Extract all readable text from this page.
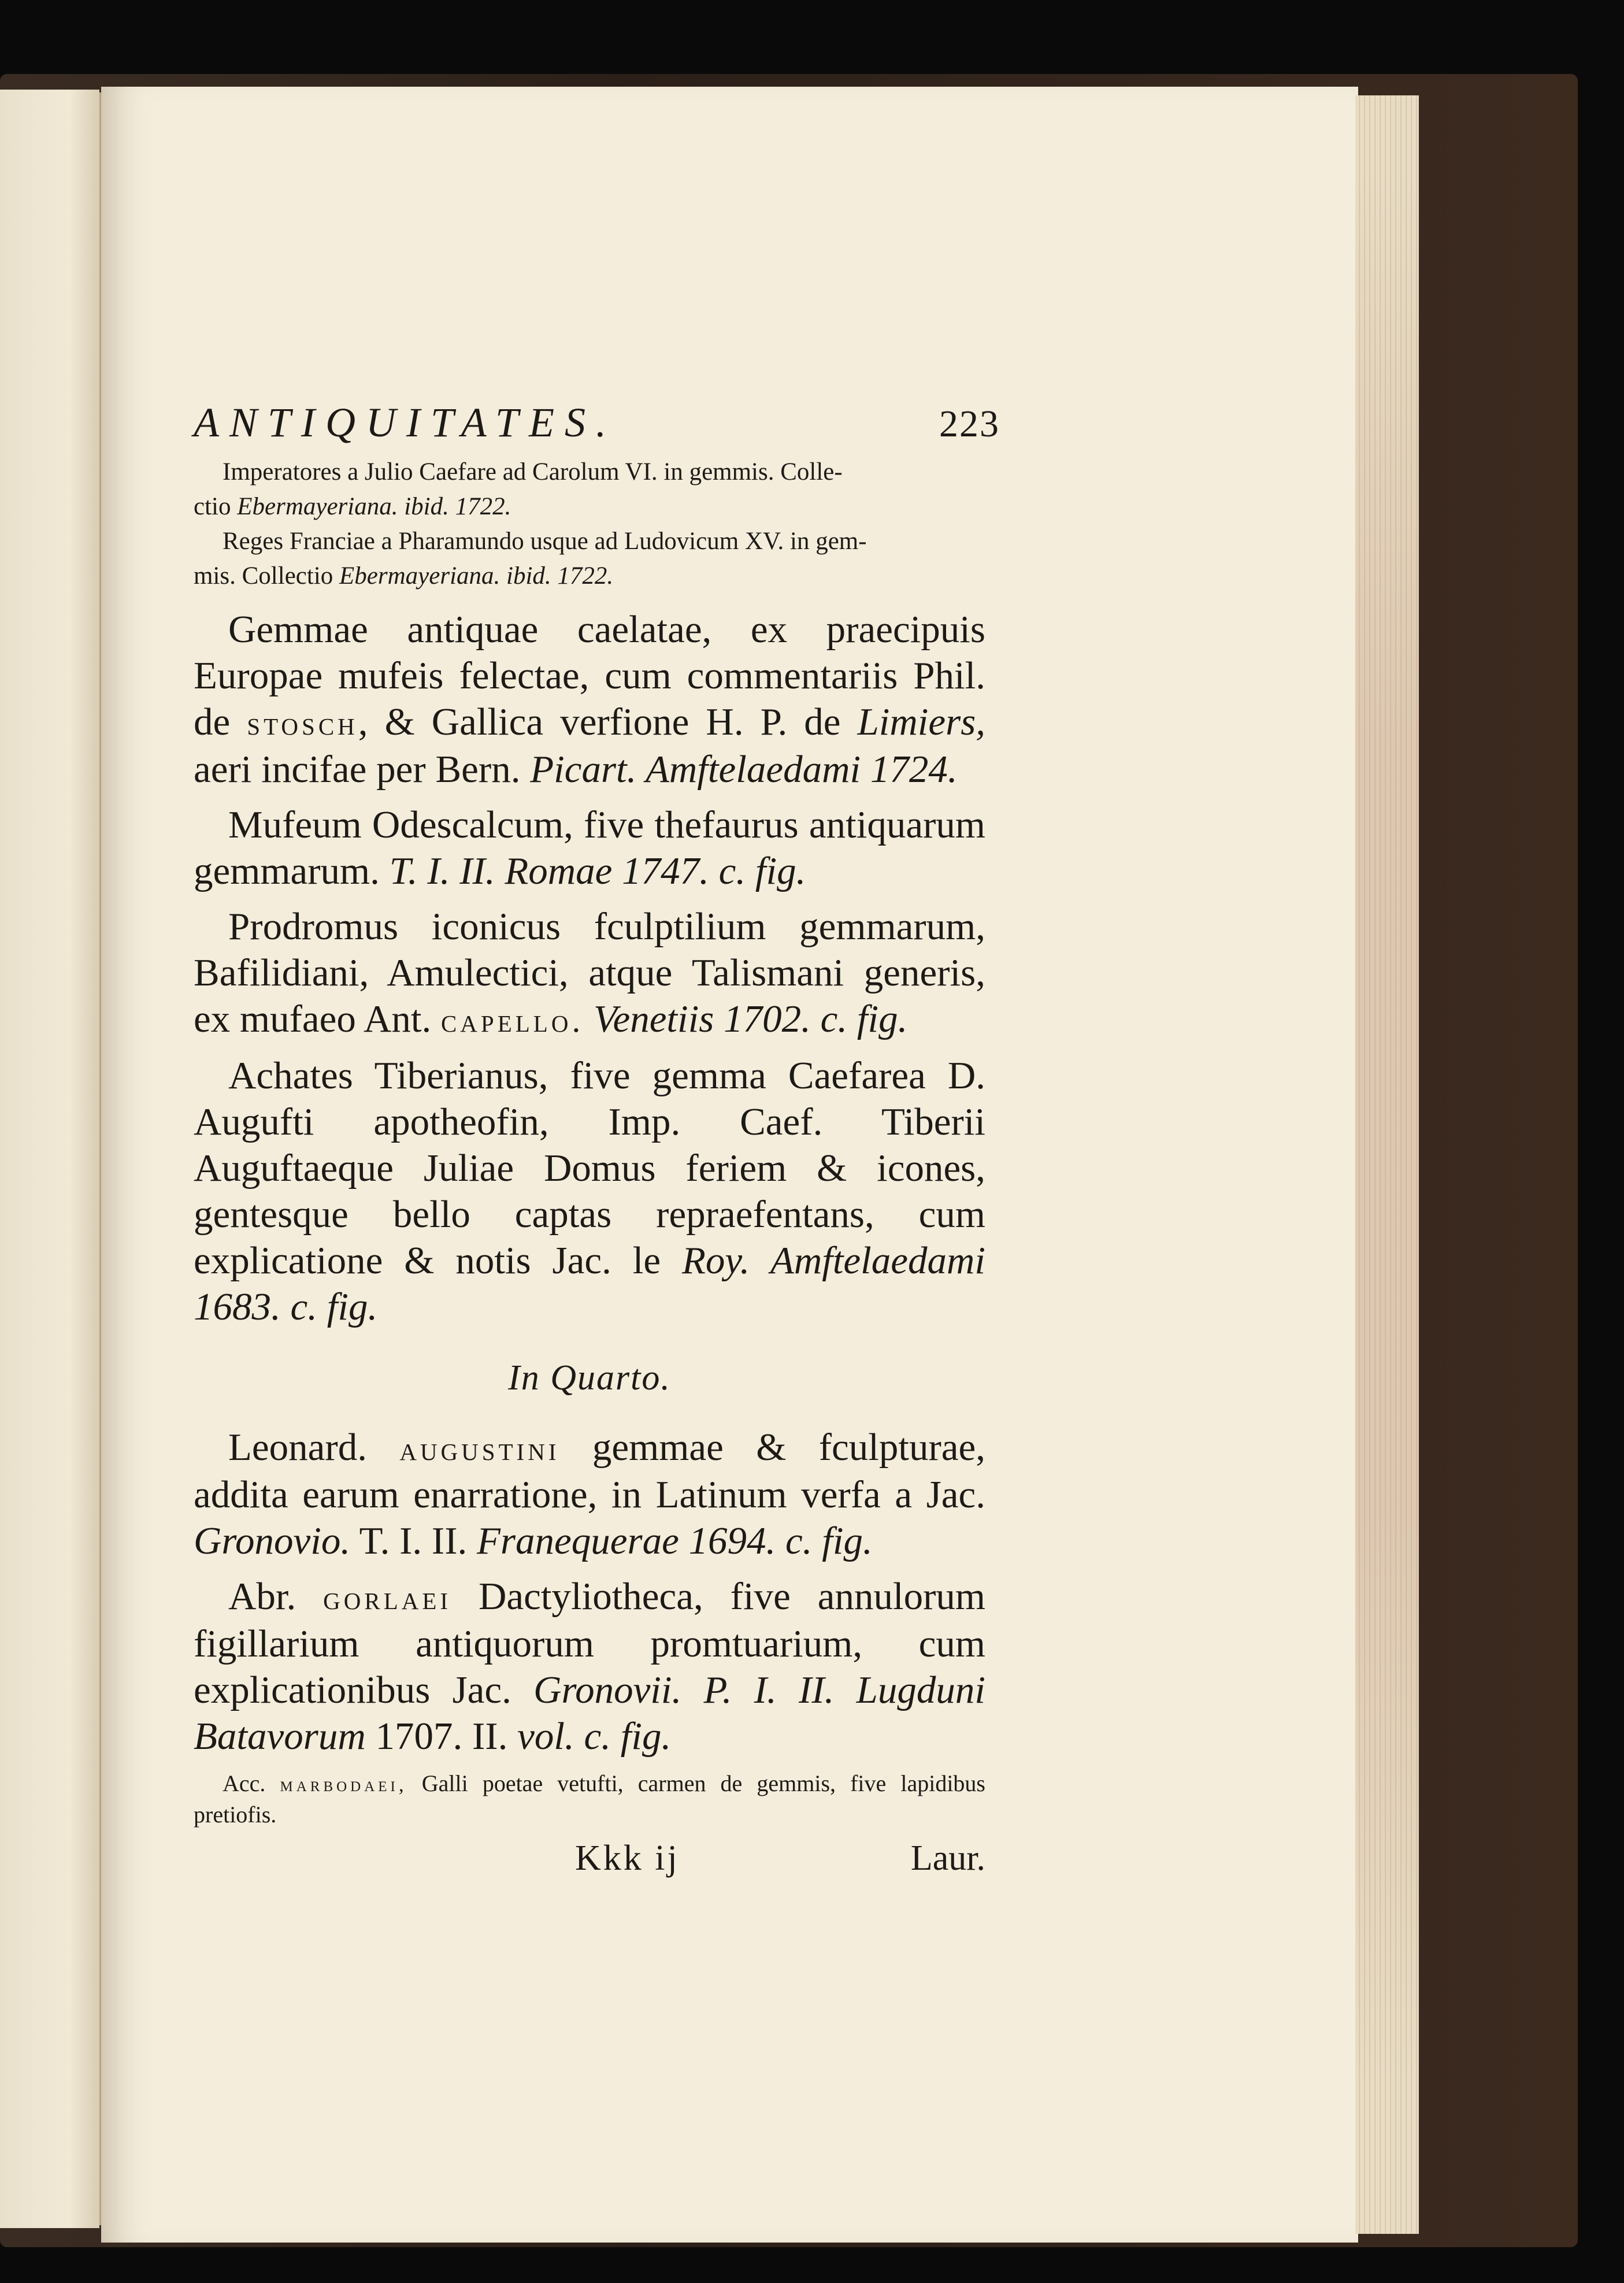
ANTIQUITATES.	223

Imperatores a Julio Caefare ad Carolum VI. in gemmis. Colle-
ctio Ebermayeriana. ibid. 1722.

Reges Franciae a Pharamundo usque ad Ludovicum XV. in gem-
mis. Collectio Ebermayeriana. ibid. 1722.

Gemmae antiquae caelatae, ex praecipuis Europae mufeis felectae, cum commentariis Phil. de stosch, & Gallica verfione H. P. de Limiers, aeri incifae per Bern. Picart. Amftelaedami 1724.

Mufeum Odescalcum, five thefaurus antiquarum gemmarum. T. I. II. Romae 1747. c. fig.

Prodromus iconicus fculptilium gemmarum, Bafilidiani, Amulectici, atque Talismani generis, ex mufaeo Ant. capello. Venetiis 1702. c. fig.

Achates Tiberianus, five gemma Caefarea D. Augufti apotheofin, Imp. Caef. Tiberii Auguftaeque Juliae Domus feriem & icones, gentesque bello captas repraefentans, cum explicatione & notis Jac. le Roy. Amftelaedami 1683. c. fig.

In Quarto.

Leonard. augustini gemmae & fculpturae, addita earum enarratione, in Latinum verfa a Jac. Gronovio. T. I. II. Franequerae 1694. c. fig.

Abr. gorlaei Dactyliotheca, five annulorum figillarium antiquorum promtuarium, cum explicationibus Jac. Gronovii. P. I. II. Lugduni Batavorum 1707. II. vol. c. fig.

Acc. marbodaei, Galli poetae vetufti, carmen de gemmis, five lapidibus pretiofis.

Kkk ij	Laur.
